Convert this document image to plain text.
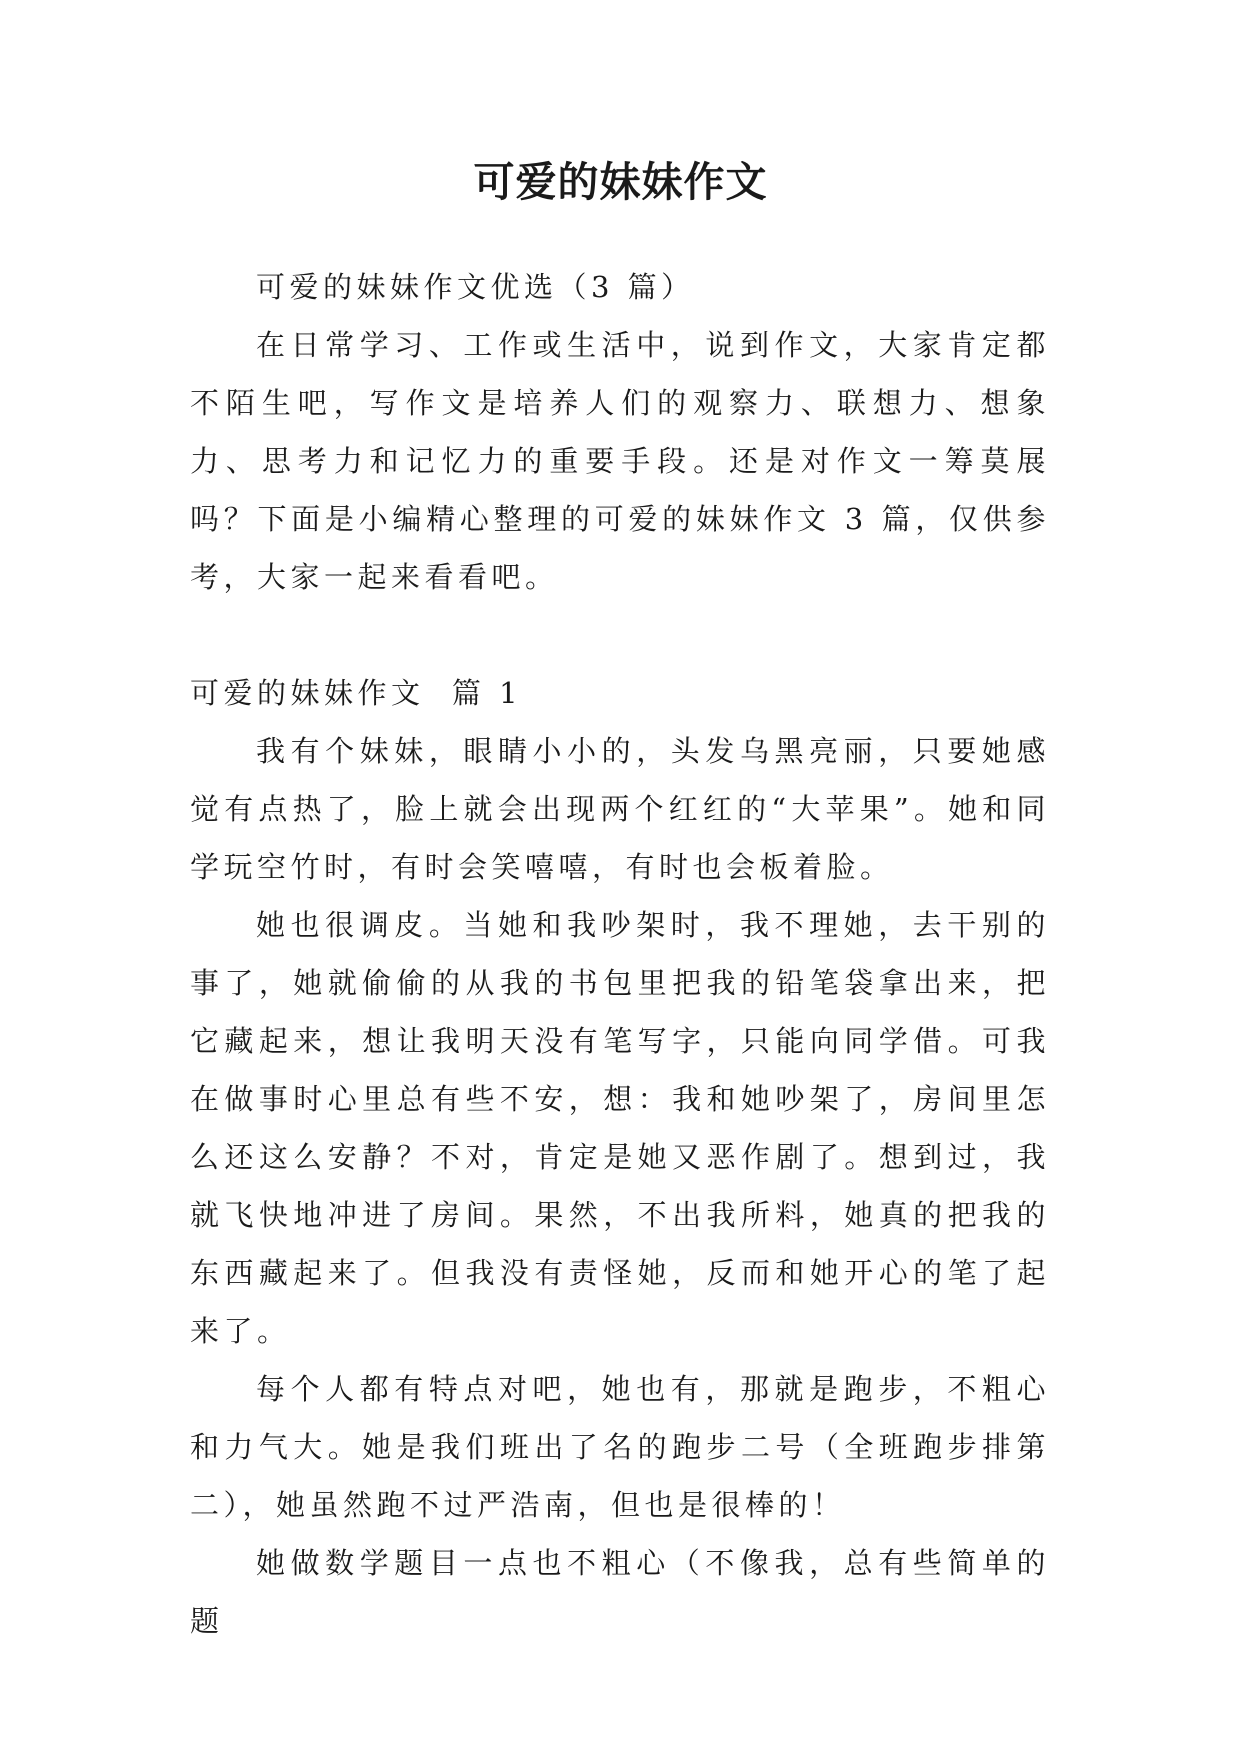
可爱的妹妹作文

可爱的妹妹作文优选（3 篇）

在日常学习、工作或生活中，说到作文，大家肯定都不陌生吧，写作文是培养人们的观察力、联想力、想象力、思考力和记忆力的重要手段。还是对作文一筹莫展吗？下面是小编精心整理的可爱的妹妹作文 3 篇，仅供参考，大家一起来看看吧。

可爱的妹妹作文  篇 1

我有个妹妹，眼睛小小的，头发乌黑亮丽，只要她感觉有点热了，脸上就会出现两个红红的“大苹果”。她和同学玩空竹时，有时会笑嘻嘻，有时也会板着脸。

她也很调皮。当她和我吵架时，我不理她，去干别的事了，她就偷偷的从我的书包里把我的铅笔袋拿出来，把它藏起来，想让我明天没有笔写字，只能向同学借。可我在做事时心里总有些不安，想：我和她吵架了，房间里怎么还这么安静？不对，肯定是她又恶作剧了。想到过，我就飞快地冲进了房间。果然，不出我所料，她真的把我的东西藏起来了。但我没有责怪她，反而和她开心的笔了起来了。

每个人都有特点对吧，她也有，那就是跑步，不粗心和力气大。她是我们班出了名的跑步二号（全班跑步排第二），她虽然跑不过严浩南，但也是很棒的！

她做数学题目一点也不粗心（不像我，总有些简单的题
